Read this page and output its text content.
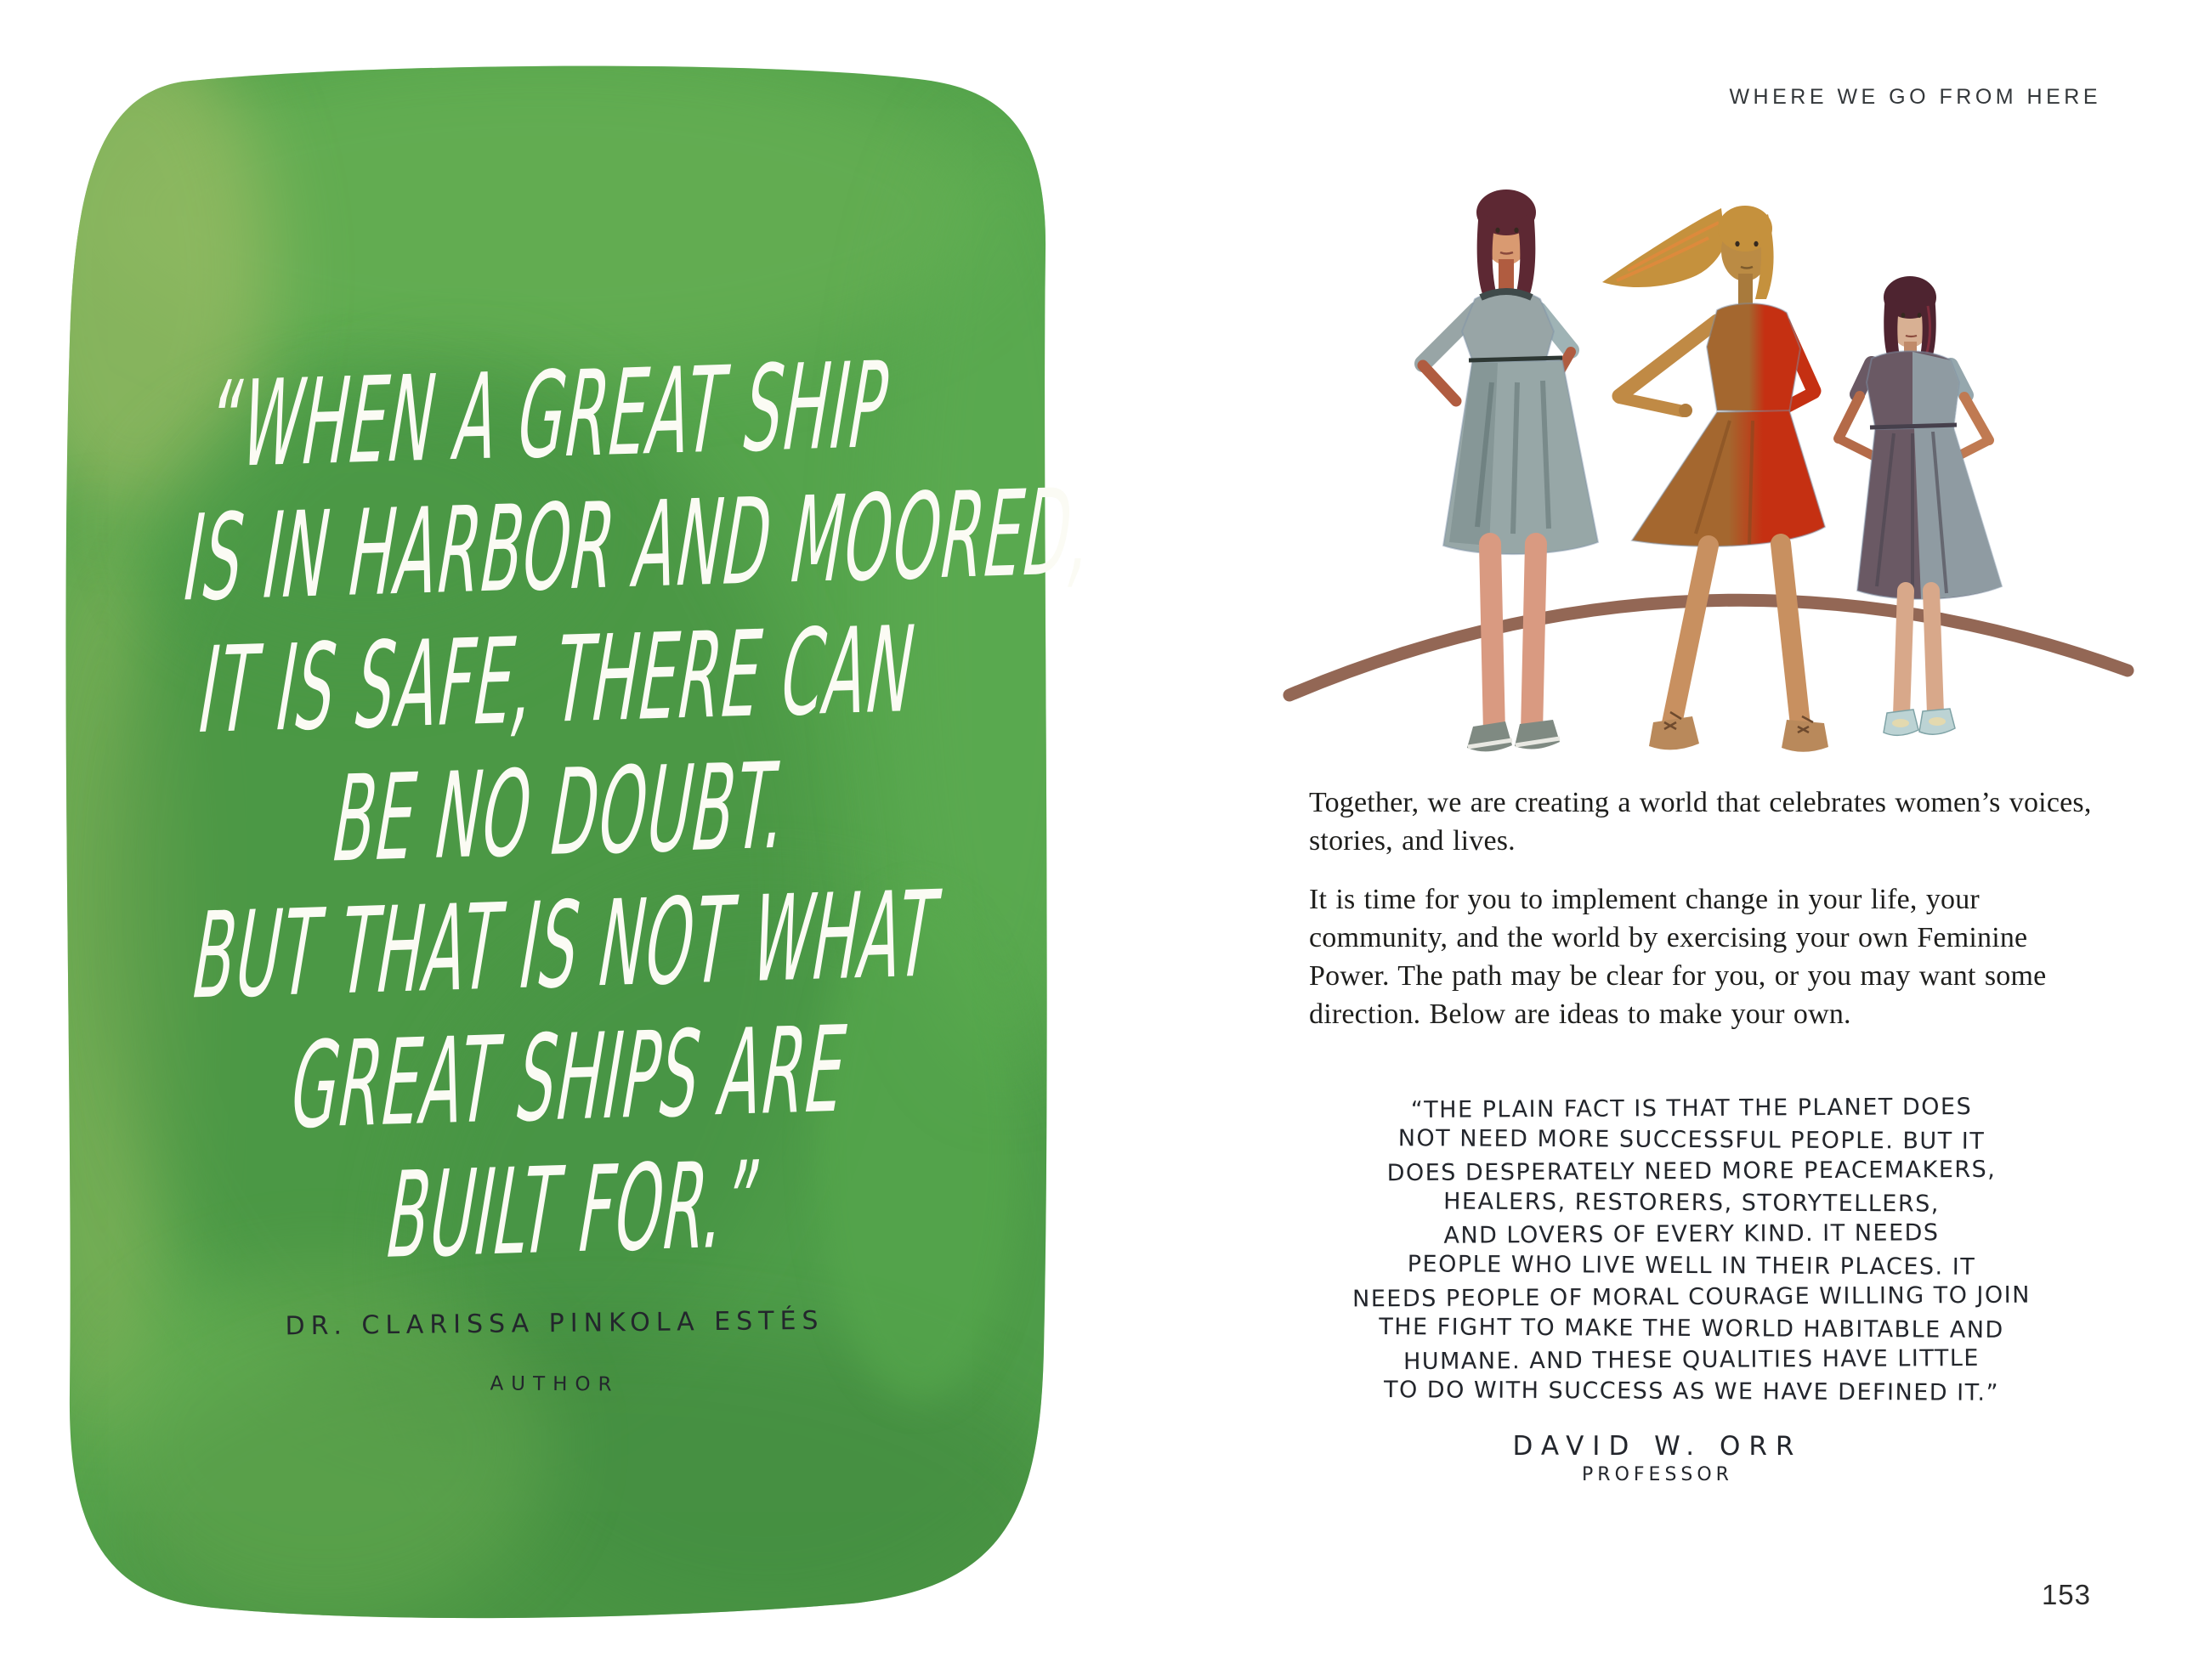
“WHEN A GREAT SHIP
IS IN HARBOR AND MOORED,
IT IS SAFE, THERE CAN
BE NO DOUBT.
BUT THAT IS NOT WHAT
GREAT SHIPS ARE
BUILT FOR.”
DR. CLARISSA PINKOLA ESTÉS
AUTHOR
WHERE WE GO FROM HERE
Together, we are creating a world that celebrates women’s voices, stories, and lives.
It is time for you to implement change in your life, your community, and the world by exercising your own Feminine Power. The path may be clear for you, or you may want some direction. Below are ideas to make your own.
“THE PLAIN FACT IS THAT THE PLANET DOES
NOT NEED MORE SUCCESSFUL PEOPLE. BUT IT
DOES DESPERATELY NEED MORE PEACEMAKERS,
HEALERS, RESTORERS, STORYTELLERS,
AND LOVERS OF EVERY KIND. IT NEEDS
PEOPLE WHO LIVE WELL IN THEIR PLACES. IT
NEEDS PEOPLE OF MORAL COURAGE WILLING TO JOIN
THE FIGHT TO MAKE THE WORLD HABITABLE AND
HUMANE. AND THESE QUALITIES HAVE LITTLE
TO DO WITH SUCCESS AS WE HAVE DEFINED IT.”
DAVID W. ORR
PROFESSOR
153
